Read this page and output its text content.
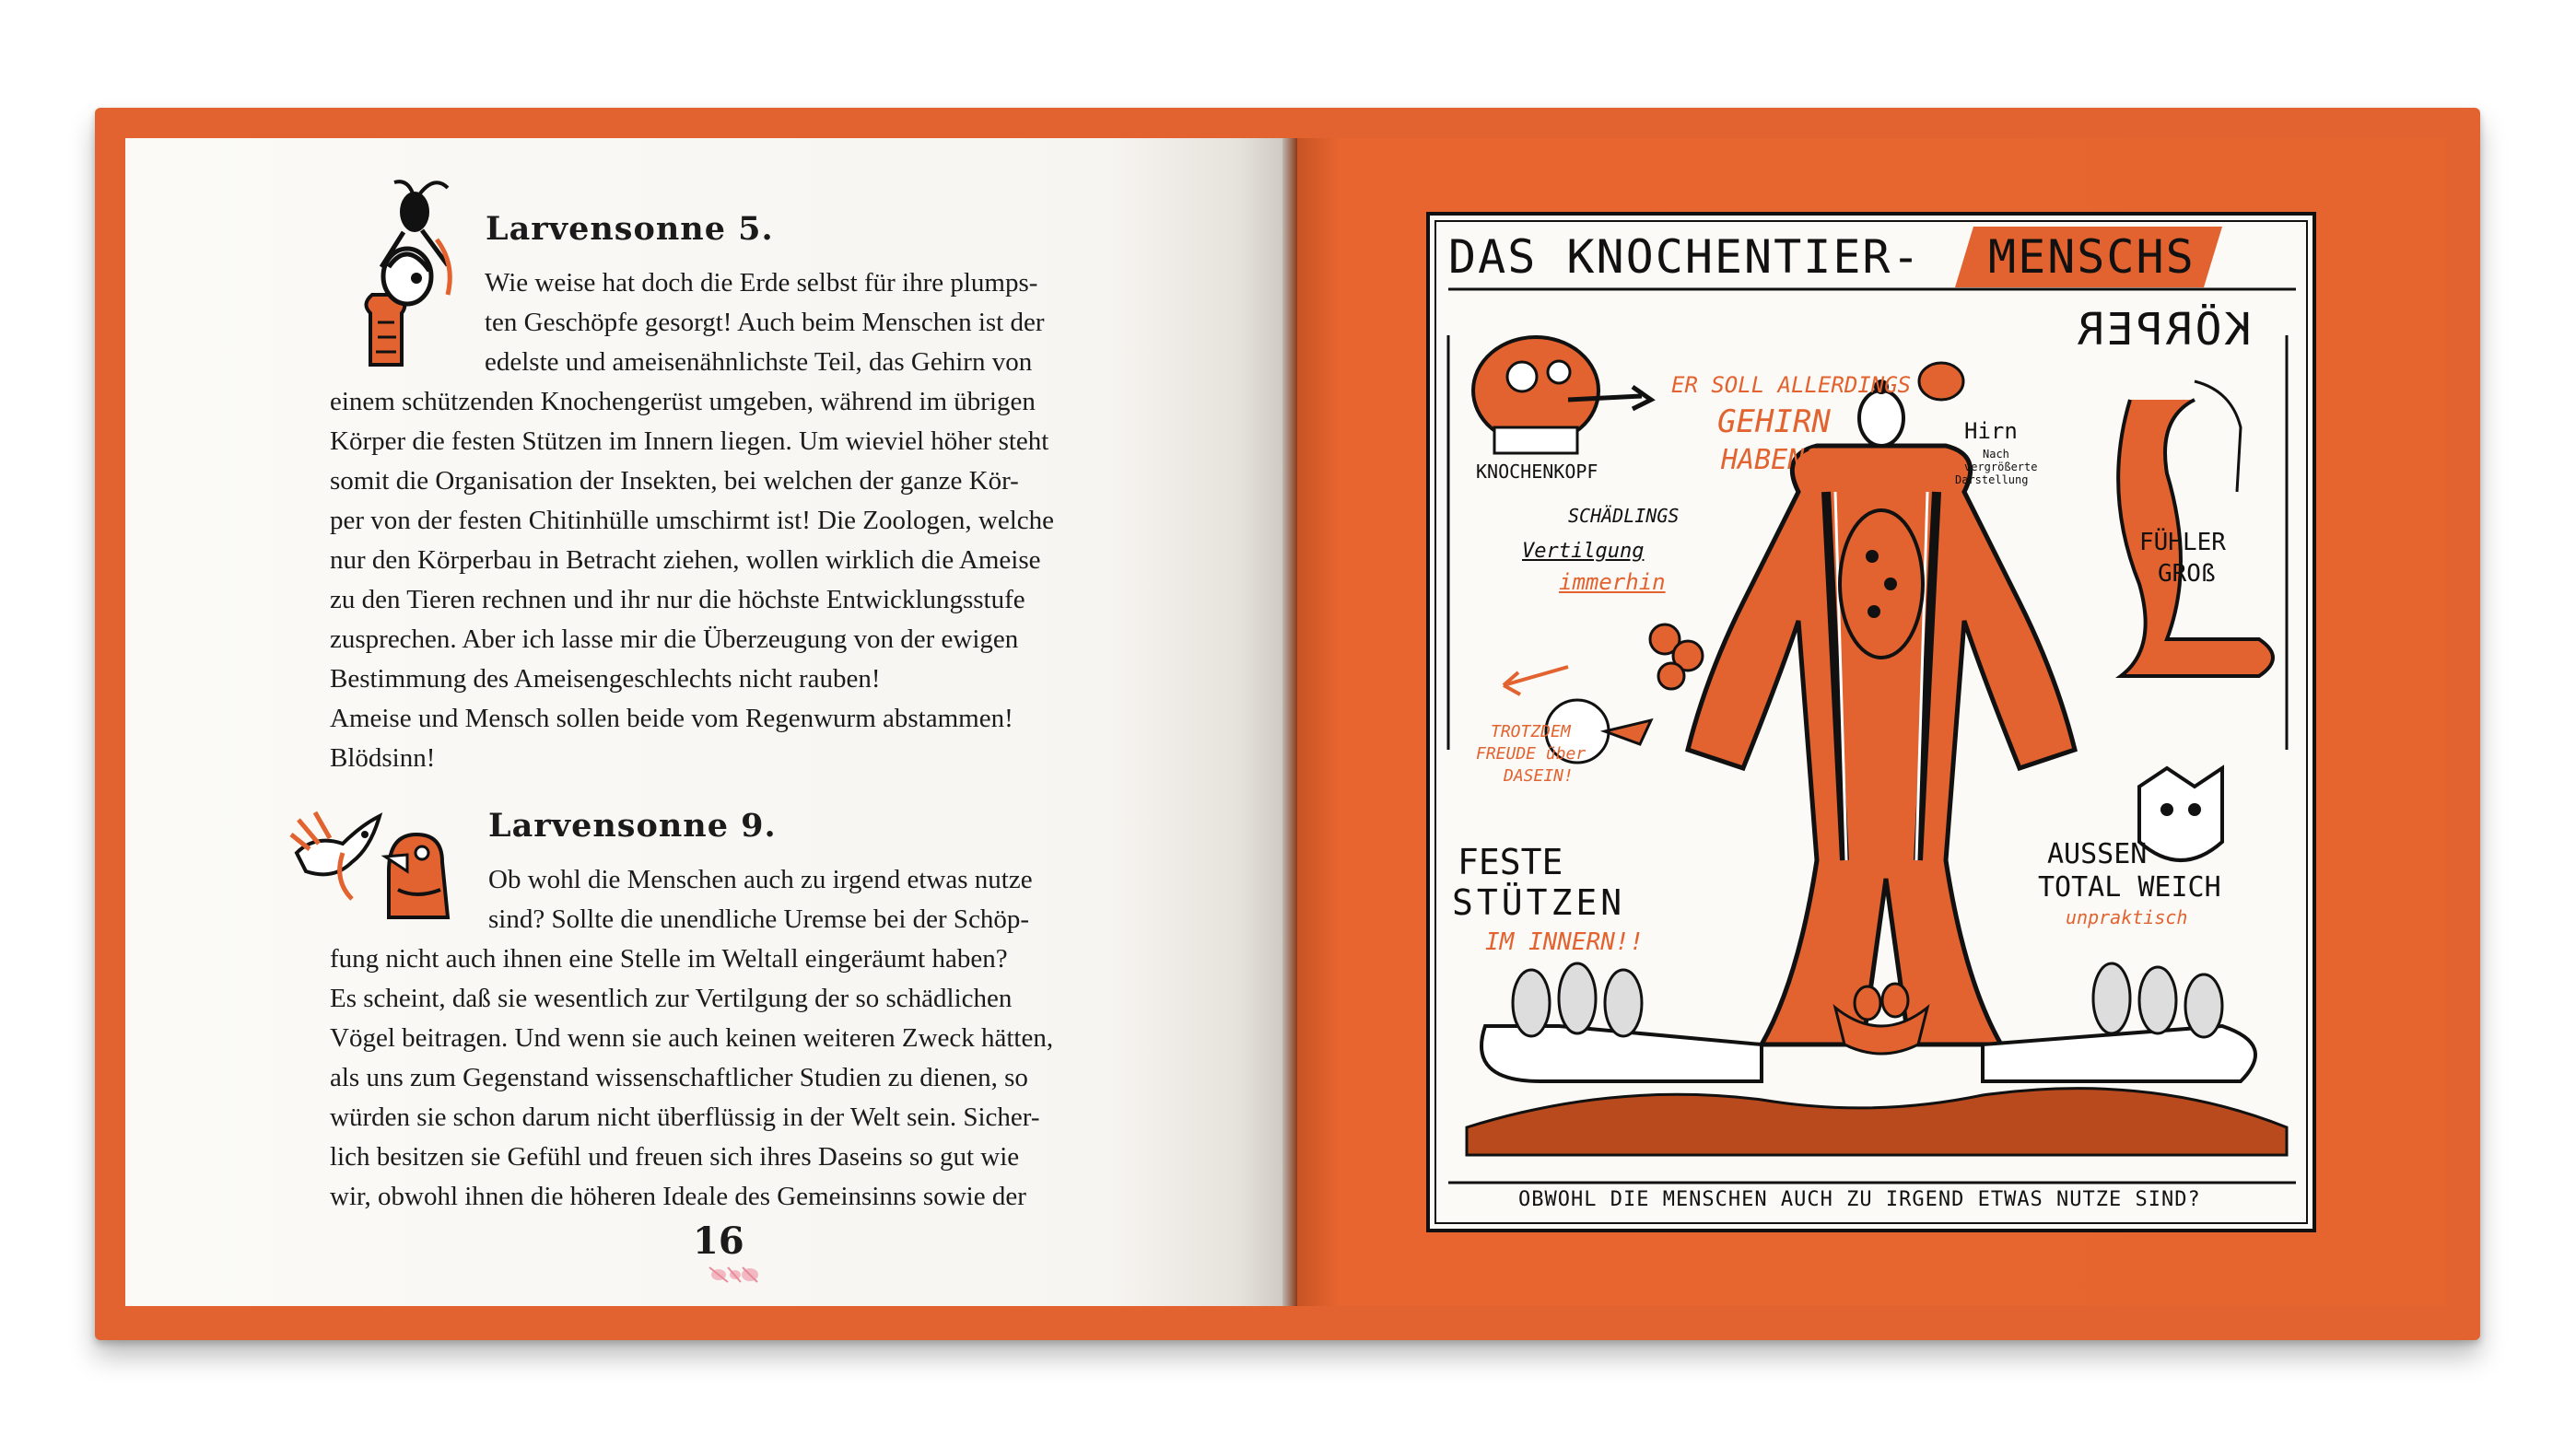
Larvensonne 5.
Wie weise hat doch die Erde selbst für ihre plumps-
ten Geschöpfe gesorgt! Auch beim Menschen ist der
edelste und ameisenähnlichste Teil, das Gehirn von
einem schützenden Knochengerüst umgeben, während im übrigen
Körper die festen Stützen im Innern liegen. Um wieviel höher steht
somit die Organisation der Insekten, bei welchen der ganze Kör-
per von der festen Chitinhülle umschirmt ist! Die Zoologen, welche
nur den Körperbau in Betracht ziehen, wollen wirklich die Ameise
zu den Tieren rechnen und ihr nur die höchste Entwicklungsstufe
zusprechen. Aber ich lasse mir die Überzeugung von der ewigen
Bestimmung des Ameisengeschlechts nicht rauben!
Ameise und Mensch sollen beide vom Regenwurm abstammen!
Blödsinn!
Larvensonne 9.
Ob wohl die Menschen auch zu irgend etwas nutze
sind? Sollte die unendliche Uremse bei der Schöp-
fung nicht auch ihnen eine Stelle im Weltall eingeräumt haben?
Es scheint, daß sie wesentlich zur Vertilgung der so schädlichen
Vögel beitragen. Und wenn sie auch keinen weiteren Zweck hätten,
als uns zum Gegenstand wissenschaftlicher Studien zu dienen, so
würden sie schon darum nicht überflüssig in der Welt sein. Sicher-
lich besitzen sie Gefühl und freuen sich ihres Daseins so gut wie
wir, obwohl ihnen die höheren Ideale des Gemeinsinns sowie der
16
DAS KNOCHENTIER- MENSCHS
KÖRPER
KNOCHENKOPF
ER SOLL ALLERDINGS
GEHIRN
HABEN?!
Hirn
Nach
vergrößerte
Darstellung
SCHÄDLINGS
Vertilgung
immerhin
FÜHLER
GROß
TROTZDEM
FREUDE über
DASEIN!
FESTE
STÜTZEN
IM INNERN!!
AUSSEN
TOTAL WEICH
unpraktisch
OBWOHL DIE MENSCHEN AUCH ZU IRGEND ETWAS NUTZE SIND?
